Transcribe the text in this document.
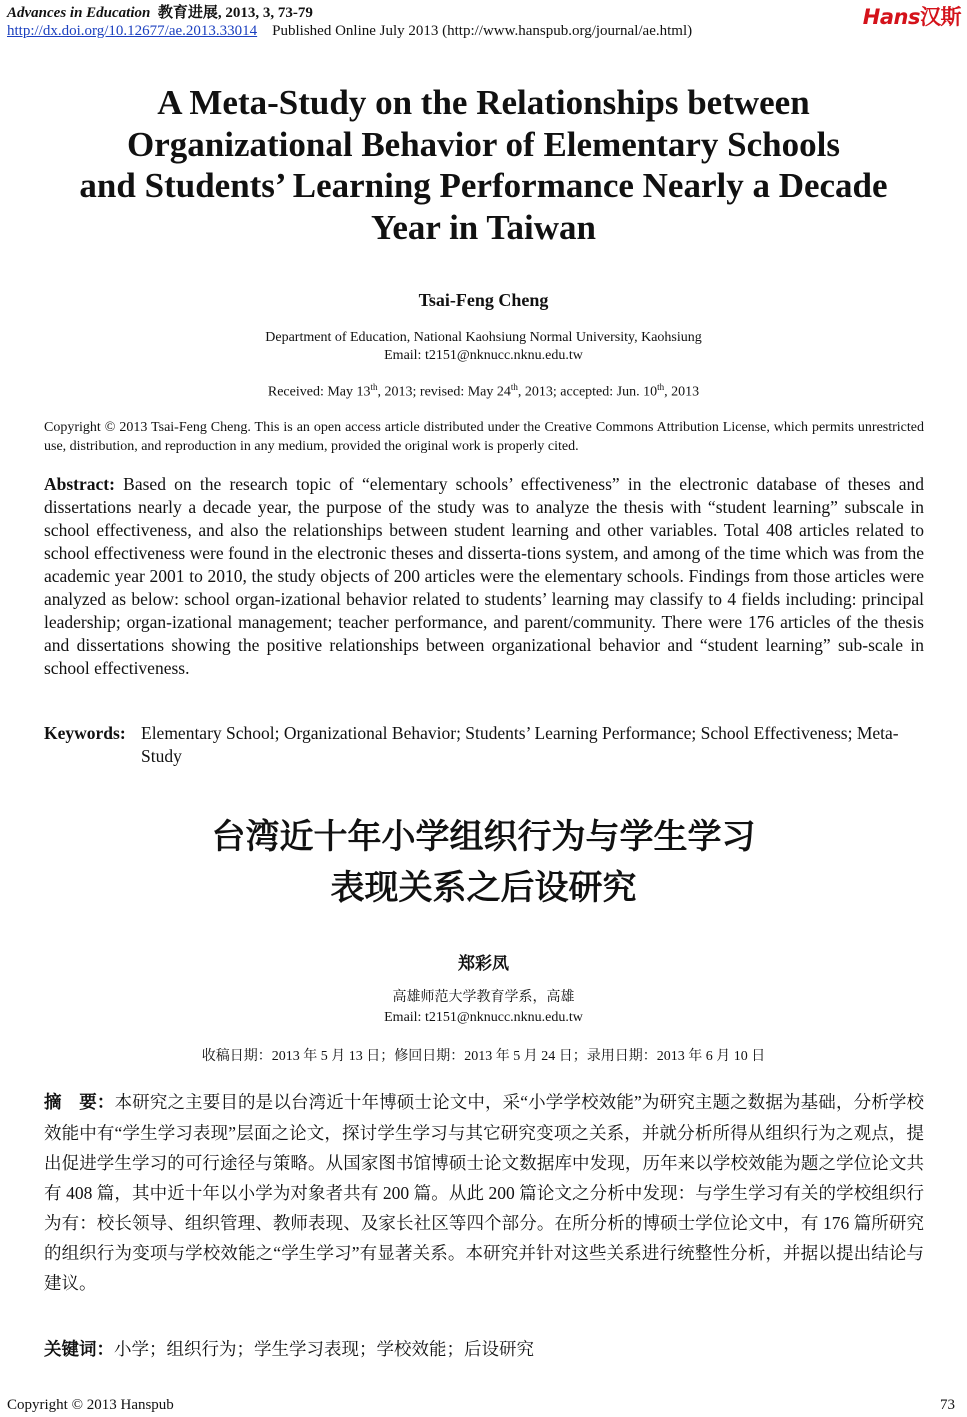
Advances in Education 教育进展, 2013, 3, 73-79
http://dx.doi.org/10.12677/ae.2013.33014 Published Online July 2013 (http://www.hanspub.org/journal/ae.html)
Hans汉斯
A Meta-Study on the Relationships between
Organizational Behavior of Elementary Schools
and Students’ Learning Performance Nearly a Decade
Year in Taiwan
Tsai-Feng Cheng
Department of Education, National Kaohsiung Normal University, Kaohsiung
Email: t2151@nknucc.nknu.edu.tw
Received: May 13th, 2013; revised: May 24th, 2013; accepted: Jun. 10th, 2013
Copyright © 2013 Tsai-Feng Cheng. This is an open access article distributed under the Creative Commons Attribution License, which permits unrestricted use, distribution, and reproduction in any medium, provided the original work is properly cited.
Abstract: Based on the research topic of “elementary schools’ effectiveness” in the electronic database of theses and dissertations nearly a decade year, the purpose of the study was to analyze the thesis with “student learning” subscale in school effectiveness, and also the relationships between student learning and other variables. Total 408 articles related to school effectiveness were found in the electronic theses and disserta-tions system, and among of the time which was from the academic year 2001 to 2010, the study objects of 200 articles were the elementary schools. Findings from those articles were analyzed as below: school organ-izational behavior related to students’ learning may classify to 4 fields including: principal leadership; organ-izational management; teacher performance, and parent/community. There were 176 articles of the thesis and dissertations showing the positive relationships between organizational behavior and “student learning” sub-scale in school effectiveness.
Keywords: Elementary School; Organizational Behavior; Students’ Learning Performance; School Effectiveness; Meta-Study
台湾近十年小学组织行为与学生学习
表现关系之后设研究
郑彩凤
高雄师范大学教育学系，高雄
Email: t2151@nknucc.nknu.edu.tw
收稿日期：2013 年 5 月 13 日；修回日期：2013 年 5 月 24 日；录用日期：2013 年 6 月 10 日
摘　要：本研究之主要目的是以台湾近十年博硕士论文中，采“小学学校效能”为研究主题之数据为基础，分析学校效能中有“学生学习表现”层面之论文，探讨学生学习与其它研究变项之关系，并就分析所得从组织行为之观点，提出促进学生学习的可行途径与策略。从国家图书馆博硕士论文数据库中发现，历年来以学校效能为题之学位论文共有 408 篇，其中近十年以小学为对象者共有 200 篇。从此 200 篇论文之分析中发现：与学生学习有关的学校组织行为有：校长领导、组织管理、教师表现、及家长社区等四个部分。在所分析的博硕士学位论文中，有 176 篇所研究的组织行为变项与学校效能之“学生学习”有显著关系。本研究并针对这些关系进行统整性分析，并据以提出结论与建议。
关键词：小学；组织行为；学生学习表现；学校效能；后设研究
Copyright © 2013 Hanspub	73
